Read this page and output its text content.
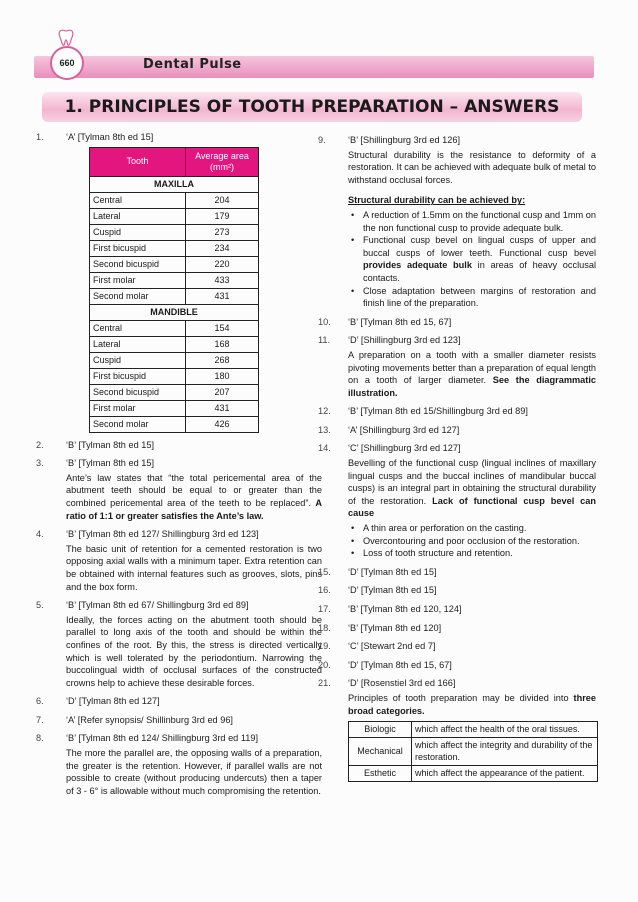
660	Dental Pulse
1. PRINCIPLES OF TOOTH PREPARATION – ANSWERS
1. ‘A’ [Tylman 8th ed 15]
Tooth	Average area (mm²)
MAXILLA	
Central	204
Lateral	179
Cuspid	273
First bicuspid	234
Second bicuspid	220
First molar	433
Second molar	431
MANDIBLE	
Central	154
Lateral	168
Cuspid	268
First bicuspid	180
Second bicuspid	207
First molar	431
Second molar	426
2. ‘B’ [Tylman 8th ed 15]
3. ‘B’ [Tylman 8th ed 15]

Ante’s law states that “the total pericemental area of the abutment teeth should be equal to or greater than the combined pericemental area of the teeth to be replaced”. A ratio of 1:1 or greater satisfies the Ante’s law.

4. ‘B’ [Tylman 8th ed 127/ Shillingburg 3rd ed 123]

The basic unit of retention for a cemented restoration is two opposing axial walls with a minimum taper. Extra retention can be obtained with internal features such as grooves, slots, pins and the box form.

5. ‘B’ [Tylman 8th ed 67/ Shillingburg 3rd ed 89]

Ideally, the forces acting on the abutment tooth should be parallel to long axis of the tooth and should be within the confines of the root. By this, the stress is directed vertically which is well tolerated by the periodontium. Narrowing the buccolingual width of occlusal surfaces of the constructed crowns help to achieve these desirable forces.

6. ‘D’ [Tylman 8th ed 127]
7. ‘A’ [Refer synopsis/ Shillinburg 3rd ed 96]
8. ‘B’ [Tylman 8th ed 124/ Shillingburg 3rd ed 119]

The more the parallel are, the opposing walls of a preparation, the greater is the retention. However, if parallel walls are not possible to create (without producing undercuts) then a taper of 3 - 6° is allowable without much compromising the retention.

9. ‘B’ [Shillingburg 3rd ed 126]

Structural durability is the resistance to deformity of a restoration. It can be achieved with adequate bulk of metal to withstand occlusal forces.

Structural durability can be achieved by:

• A reduction of 1.5mm on the functional cusp and 1mm on the non functional cusp to provide adequate bulk.
• Functional cusp bevel on lingual cusps of upper and buccal cusps of lower teeth. Functional cusp bevel provides adequate bulk in areas of heavy occlusal contacts.
• Close adaptation between margins of restoration and finish line of the preparation.
10. ‘B’ [Tylman 8th ed 15, 67]
11. ‘D’ [Shillingburg 3rd ed 123]

A preparation on a tooth with a smaller diameter resists pivoting movements better than a preparation of equal length on a tooth of larger diameter. See the diagrammatic illustration.

12. ‘B’ [Tylman 8th ed 15/Shillingburg 3rd ed 89]
13. ‘A’ [Shillingburg 3rd ed 127]
14. ‘C’ [Shillingburg 3rd ed 127]

Bevelling of the functional cusp (lingual inclines of maxillary lingual cusps and the buccal inclines of mandibular buccal cusps) is an integral part in obtaining the structural durability of the restoration. Lack of functional cusp bevel can cause

• A thin area or perforation on the casting.
• Overcontouring and poor occlusion of the restoration.
• Loss of tooth structure and retention.
15. ‘D’ [Tylman 8th ed 15]
16. ‘D’ [Tylman 8th ed 15]
17. ‘B’ [Tylman 8th ed 120, 124]
18. ‘B’ [Tylman 8th ed 120]
19. ‘C’ [Stewart 2nd ed 7]
20. ‘D’ [Tylman 8th ed 15, 67]
21. ‘D’ [Rosenstiel 3rd ed 166]

Principles of tooth preparation may be divided into three broad categories.

Biologic	which affect the health of the oral tissues.
Mechanical	which affect the integrity and durability of the restoration.
Esthetic	which affect the appearance of the patient.
